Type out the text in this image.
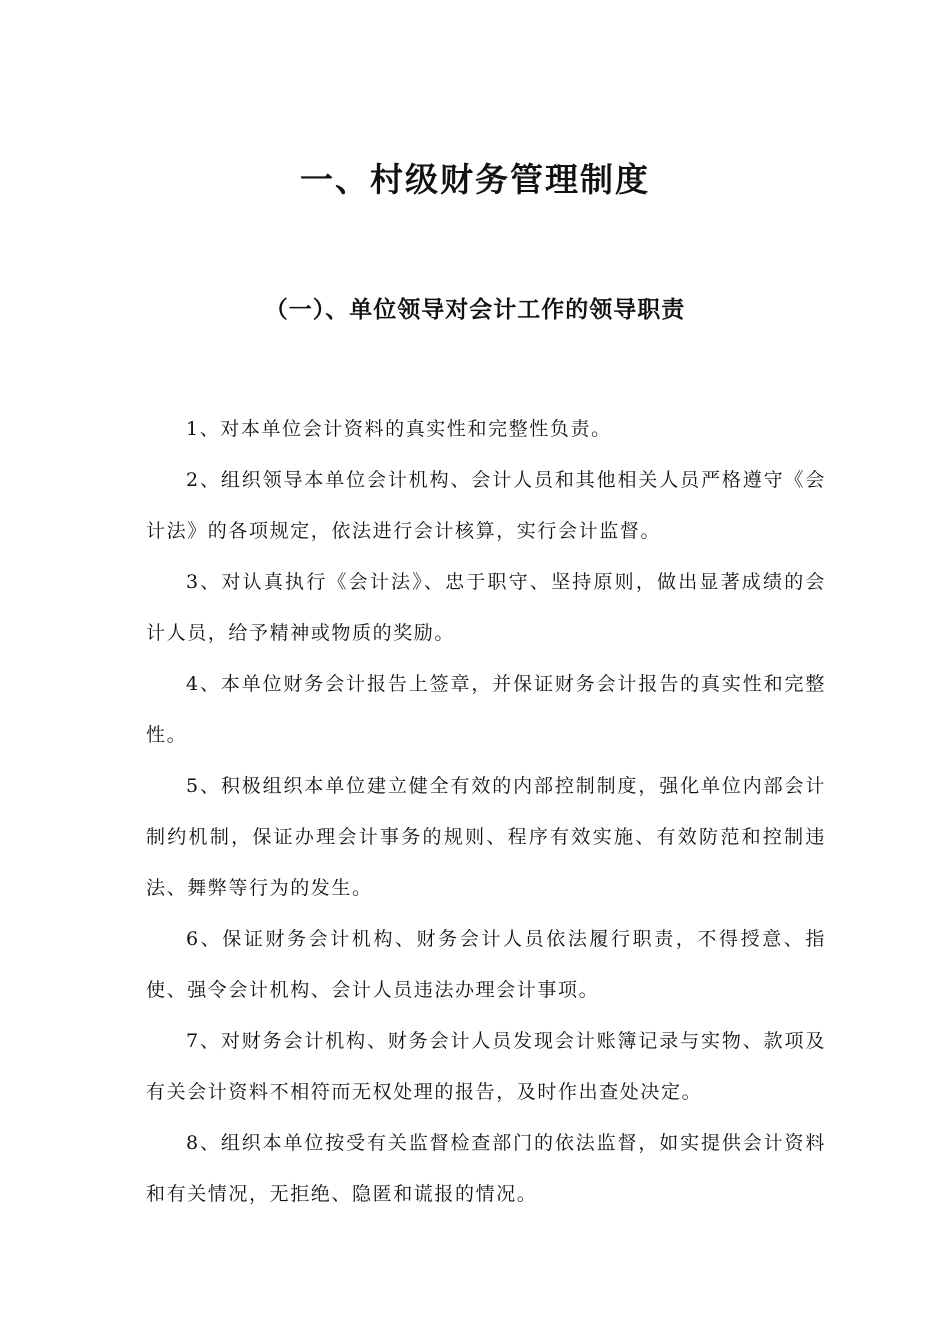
一、村级财务管理制度
（一）、单位领导对会计工作的领导职责

1、对本单位会计资料的真实性和完整性负责。

2、组织领导本单位会计机构、会计人员和其他相关人员严格遵守《会计法》的各项规定，依法进行会计核算，实行会计监督。

3、对认真执行《会计法》、忠于职守、坚持原则，做出显著成绩的会计人员，给予精神或物质的奖励。

4、本单位财务会计报告上签章，并保证财务会计报告的真实性和完整性。

5、积极组织本单位建立健全有效的内部控制制度，强化单位内部会计制约机制，保证办理会计事务的规则、程序有效实施、有效防范和控制违法、舞弊等行为的发生。

6、保证财务会计机构、财务会计人员依法履行职责，不得授意、指使、强令会计机构、会计人员违法办理会计事项。

7、对财务会计机构、财务会计人员发现会计账簿记录与实物、款项及有关会计资料不相符而无权处理的报告，及时作出查处决定。

8、组织本单位按受有关监督检查部门的依法监督，如实提供会计资料和有关情况，无拒绝、隐匿和谎报的情况。
